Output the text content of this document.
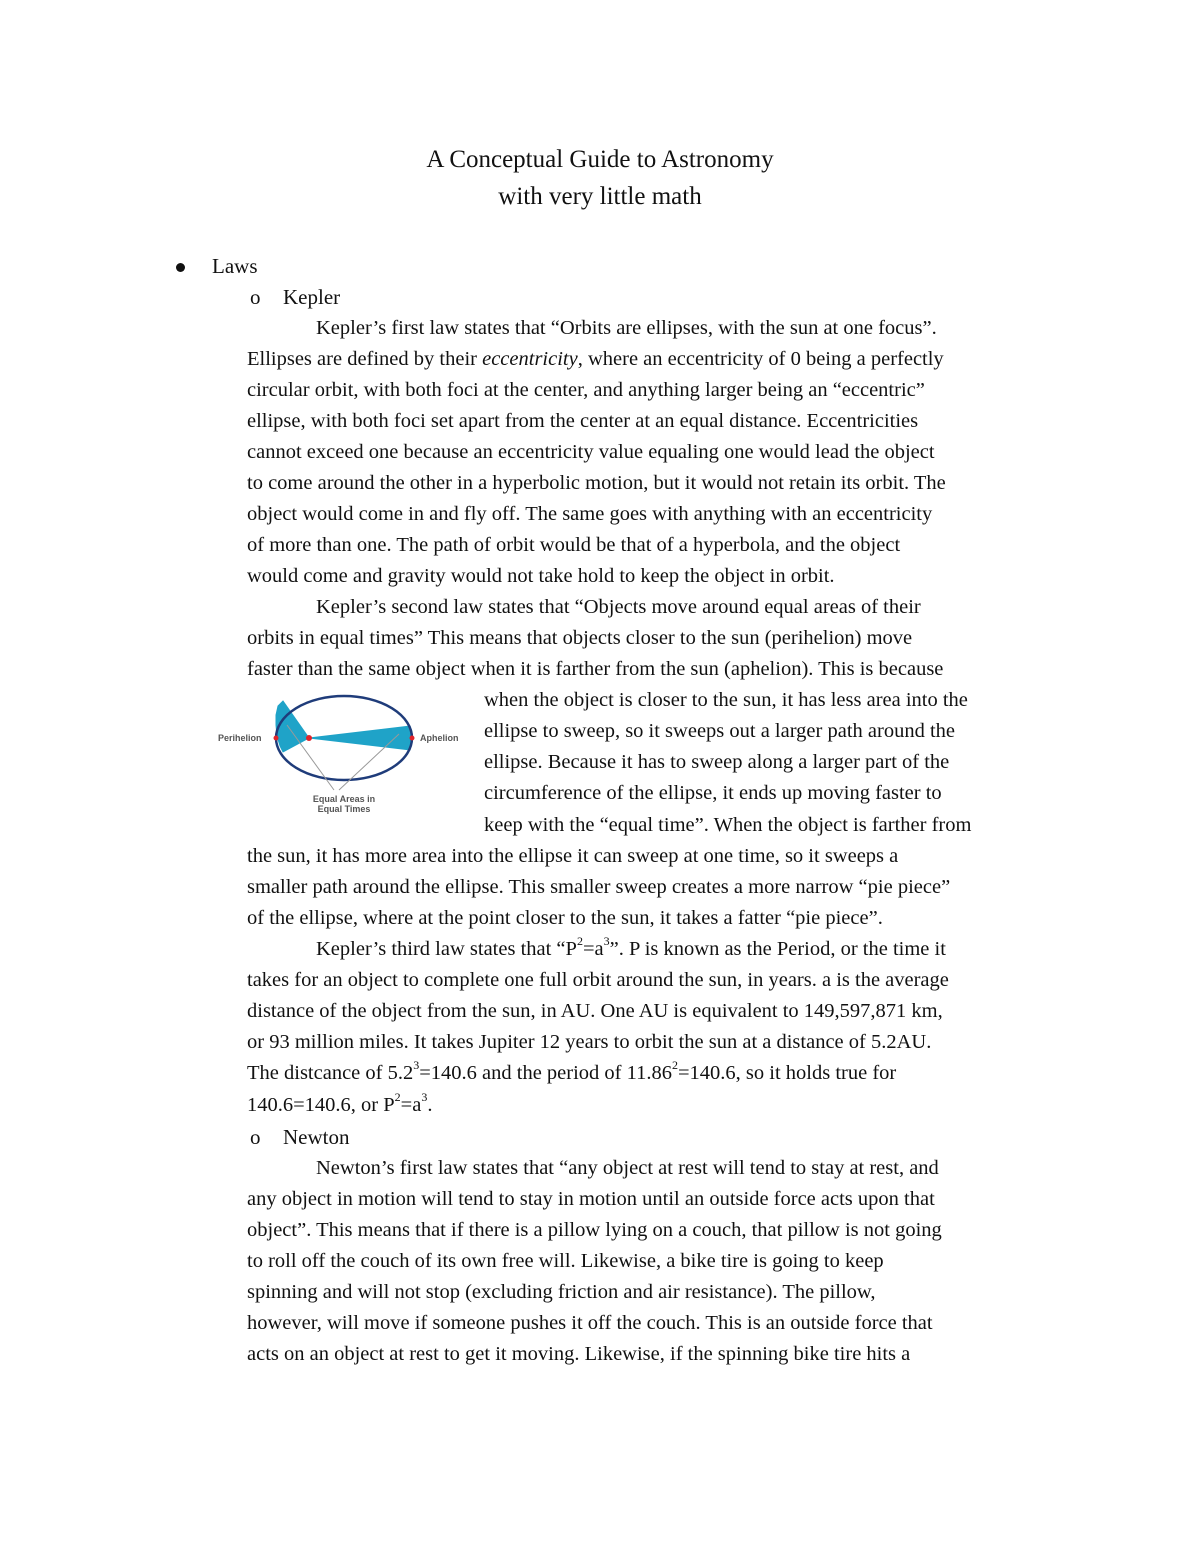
A Conceptual Guide to Astronomy
with very little math
Laws
o Kepler
Kepler’s first law states that “Orbits are ellipses, with the sun at one focus”.
Ellipses are defined by their eccentricity, where an eccentricity of 0 being a perfectly
circular orbit, with both foci at the center, and anything larger being an “eccentric”
ellipse, with both foci set apart from the center at an equal distance. Eccentricities
cannot exceed one because an eccentricity value equaling one would lead the object
to come around the other in a hyperbolic motion, but it would not retain its orbit. The
object would come in and fly off. The same goes with anything with an eccentricity
of more than one. The path of orbit would be that of a hyperbola, and the object
would come and gravity would not take hold to keep the object in orbit.
Kepler’s second law states that “Objects move around equal areas of their
orbits in equal times” This means that objects closer to the sun (perihelion) move
faster than the same object when it is farther from the sun (aphelion). This is because
when the object is closer to the sun, it has less area into the
ellipse to sweep, so it sweeps out a larger path around the
ellipse. Because it has to sweep along a larger part of the
circumference of the ellipse, it ends up moving faster to
keep with the “equal time”. When the object is farther from
the sun, it has more area into the ellipse it can sweep at one time, so it sweeps a
smaller path around the ellipse. This smaller sweep creates a more narrow “pie piece”
of the ellipse, where at the point closer to the sun, it takes a fatter “pie piece”.
Kepler’s third law states that “$P^2=a^3$”. P is known as the Period, or the time it
takes for an object to complete one full orbit around the sun, in years. a is the average
distance of the object from the sun, in AU. One AU is equivalent to 149,597,871 km,
or 93 million miles. It takes Jupiter 12 years to orbit the sun at a distance of 5.2AU.
The distcance of $5.2^3=140.6$ and the period of $11.86^2=140.6$, so it holds true for
140.6=140.6, or $P^2=a^3$.
o Newton
Newton’s first law states that “any object at rest will tend to stay at rest, and
any object in motion will tend to stay in motion until an outside force acts upon that
object”. This means that if there is a pillow lying on a couch, that pillow is not going
to roll off the couch of its own free will. Likewise, a bike tire is going to keep
spinning and will not stop (excluding friction and air resistance). The pillow,
however, will move if someone pushes it off the couch. This is an outside force that
acts on an object at rest to get it moving. Likewise, if the spinning bike tire hits a
Perihelion	Aphelion
Equal Areas in
Equal Times
